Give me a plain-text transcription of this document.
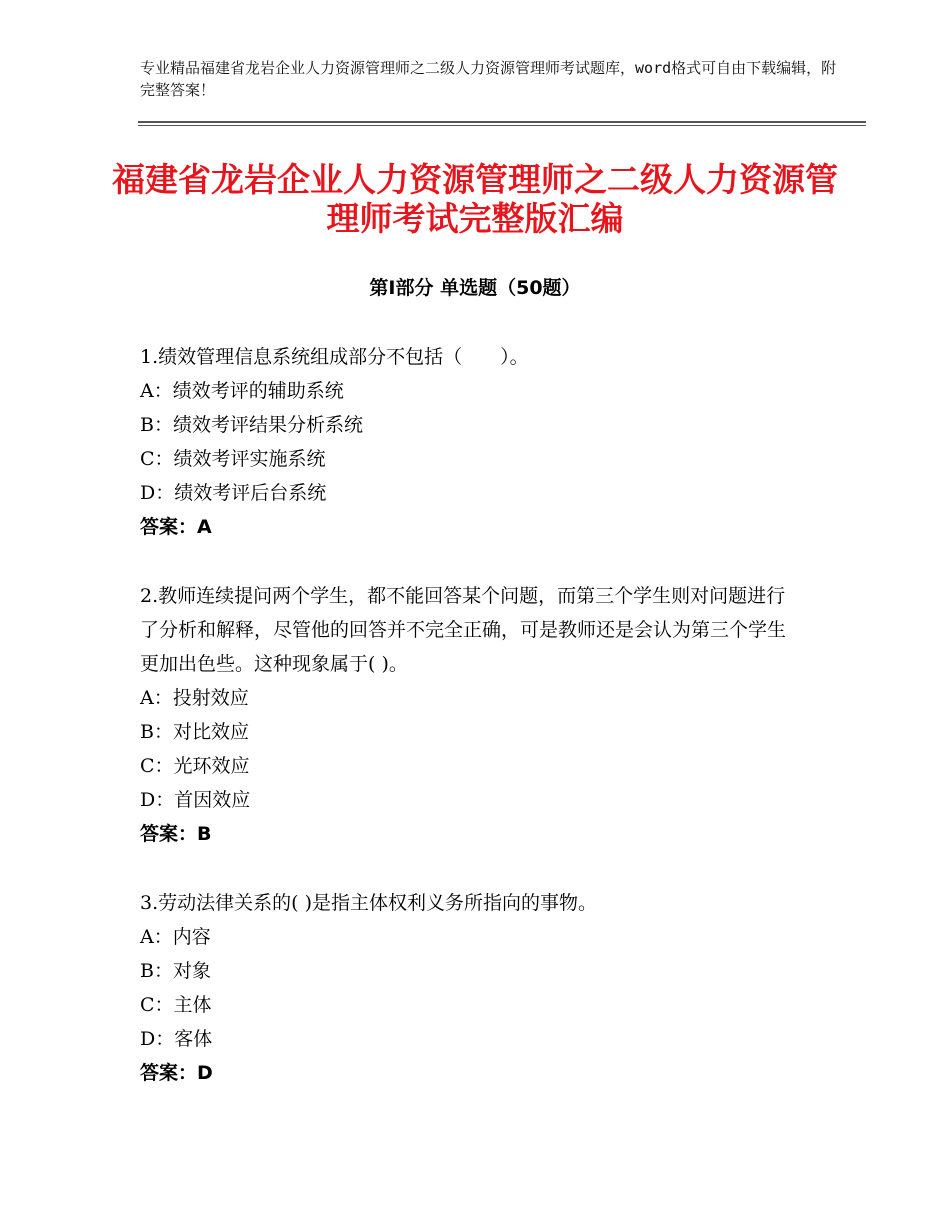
专业精品福建省龙岩企业人力资源管理师之二级人力资源管理师考试题库，word格式可自由下载编辑，附完整答案！
福建省龙岩企业人力资源管理师之二级人力资源管理师考试完整版汇编
第Ⅰ部分 单选题（50题）

1.绩效管理信息系统组成部分不包括（　　）。

A：绩效考评的辅助系统

B：绩效考评结果分析系统

C：绩效考评实施系统

D：绩效考评后台系统

答案：A

2.教师连续提问两个学生，都不能回答某个问题，而第三个学生则对问题进行了分析和解释，尽管他的回答并不完全正确，可是教师还是会认为第三个学生更加出色些。这种现象属于( )。

A：投射效应

B：对比效应

C：光环效应

D：首因效应

答案：B

3.劳动法律关系的( )是指主体权利义务所指向的事物。

A：内容

B：对象

C：主体

D：客体

答案：D
